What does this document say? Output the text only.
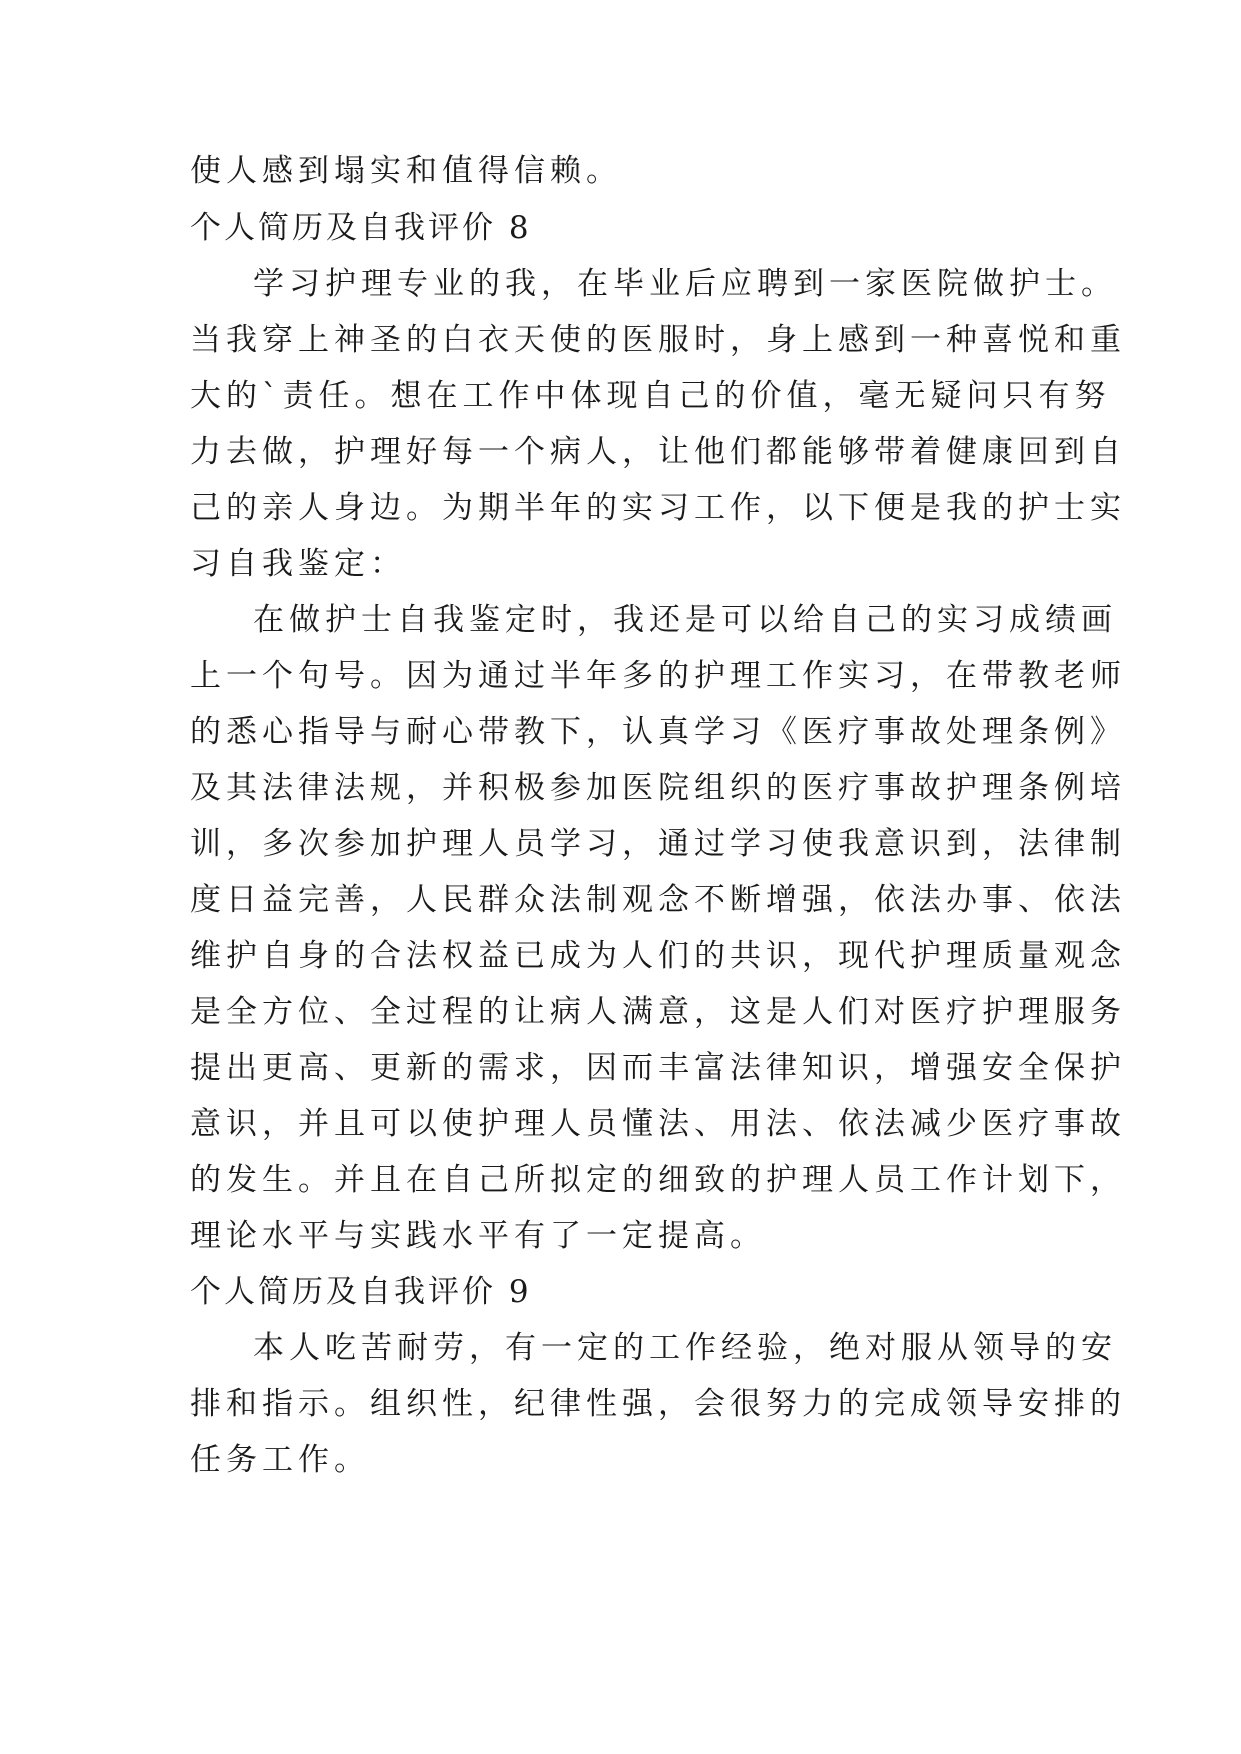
使人感到塌实和值得信赖。
个人简历及自我评价 8
学习护理专业的我，在毕业后应聘到一家医院做护士。
当我穿上神圣的白衣天使的医服时，身上感到一种喜悦和重
大的`责任。想在工作中体现自己的价值，毫无疑问只有努
力去做，护理好每一个病人，让他们都能够带着健康回到自
己的亲人身边。为期半年的实习工作，以下便是我的护士实
习自我鉴定：
在做护士自我鉴定时，我还是可以给自己的实习成绩画
上一个句号。因为通过半年多的护理工作实习，在带教老师
的悉心指导与耐心带教下，认真学习《医疗事故处理条例》
及其法律法规，并积极参加医院组织的医疗事故护理条例培
训，多次参加护理人员学习，通过学习使我意识到，法律制
度日益完善，人民群众法制观念不断增强，依法办事、依法
维护自身的合法权益已成为人们的共识，现代护理质量观念
是全方位、全过程的让病人满意，这是人们对医疗护理服务
提出更高、更新的需求，因而丰富法律知识，增强安全保护
意识，并且可以使护理人员懂法、用法、依法减少医疗事故
的发生。并且在自己所拟定的细致的护理人员工作计划下，
理论水平与实践水平有了一定提高。
个人简历及自我评价 9
本人吃苦耐劳，有一定的工作经验，绝对服从领导的安
排和指示。组织性，纪律性强，会很努力的完成领导安排的
任务工作。
